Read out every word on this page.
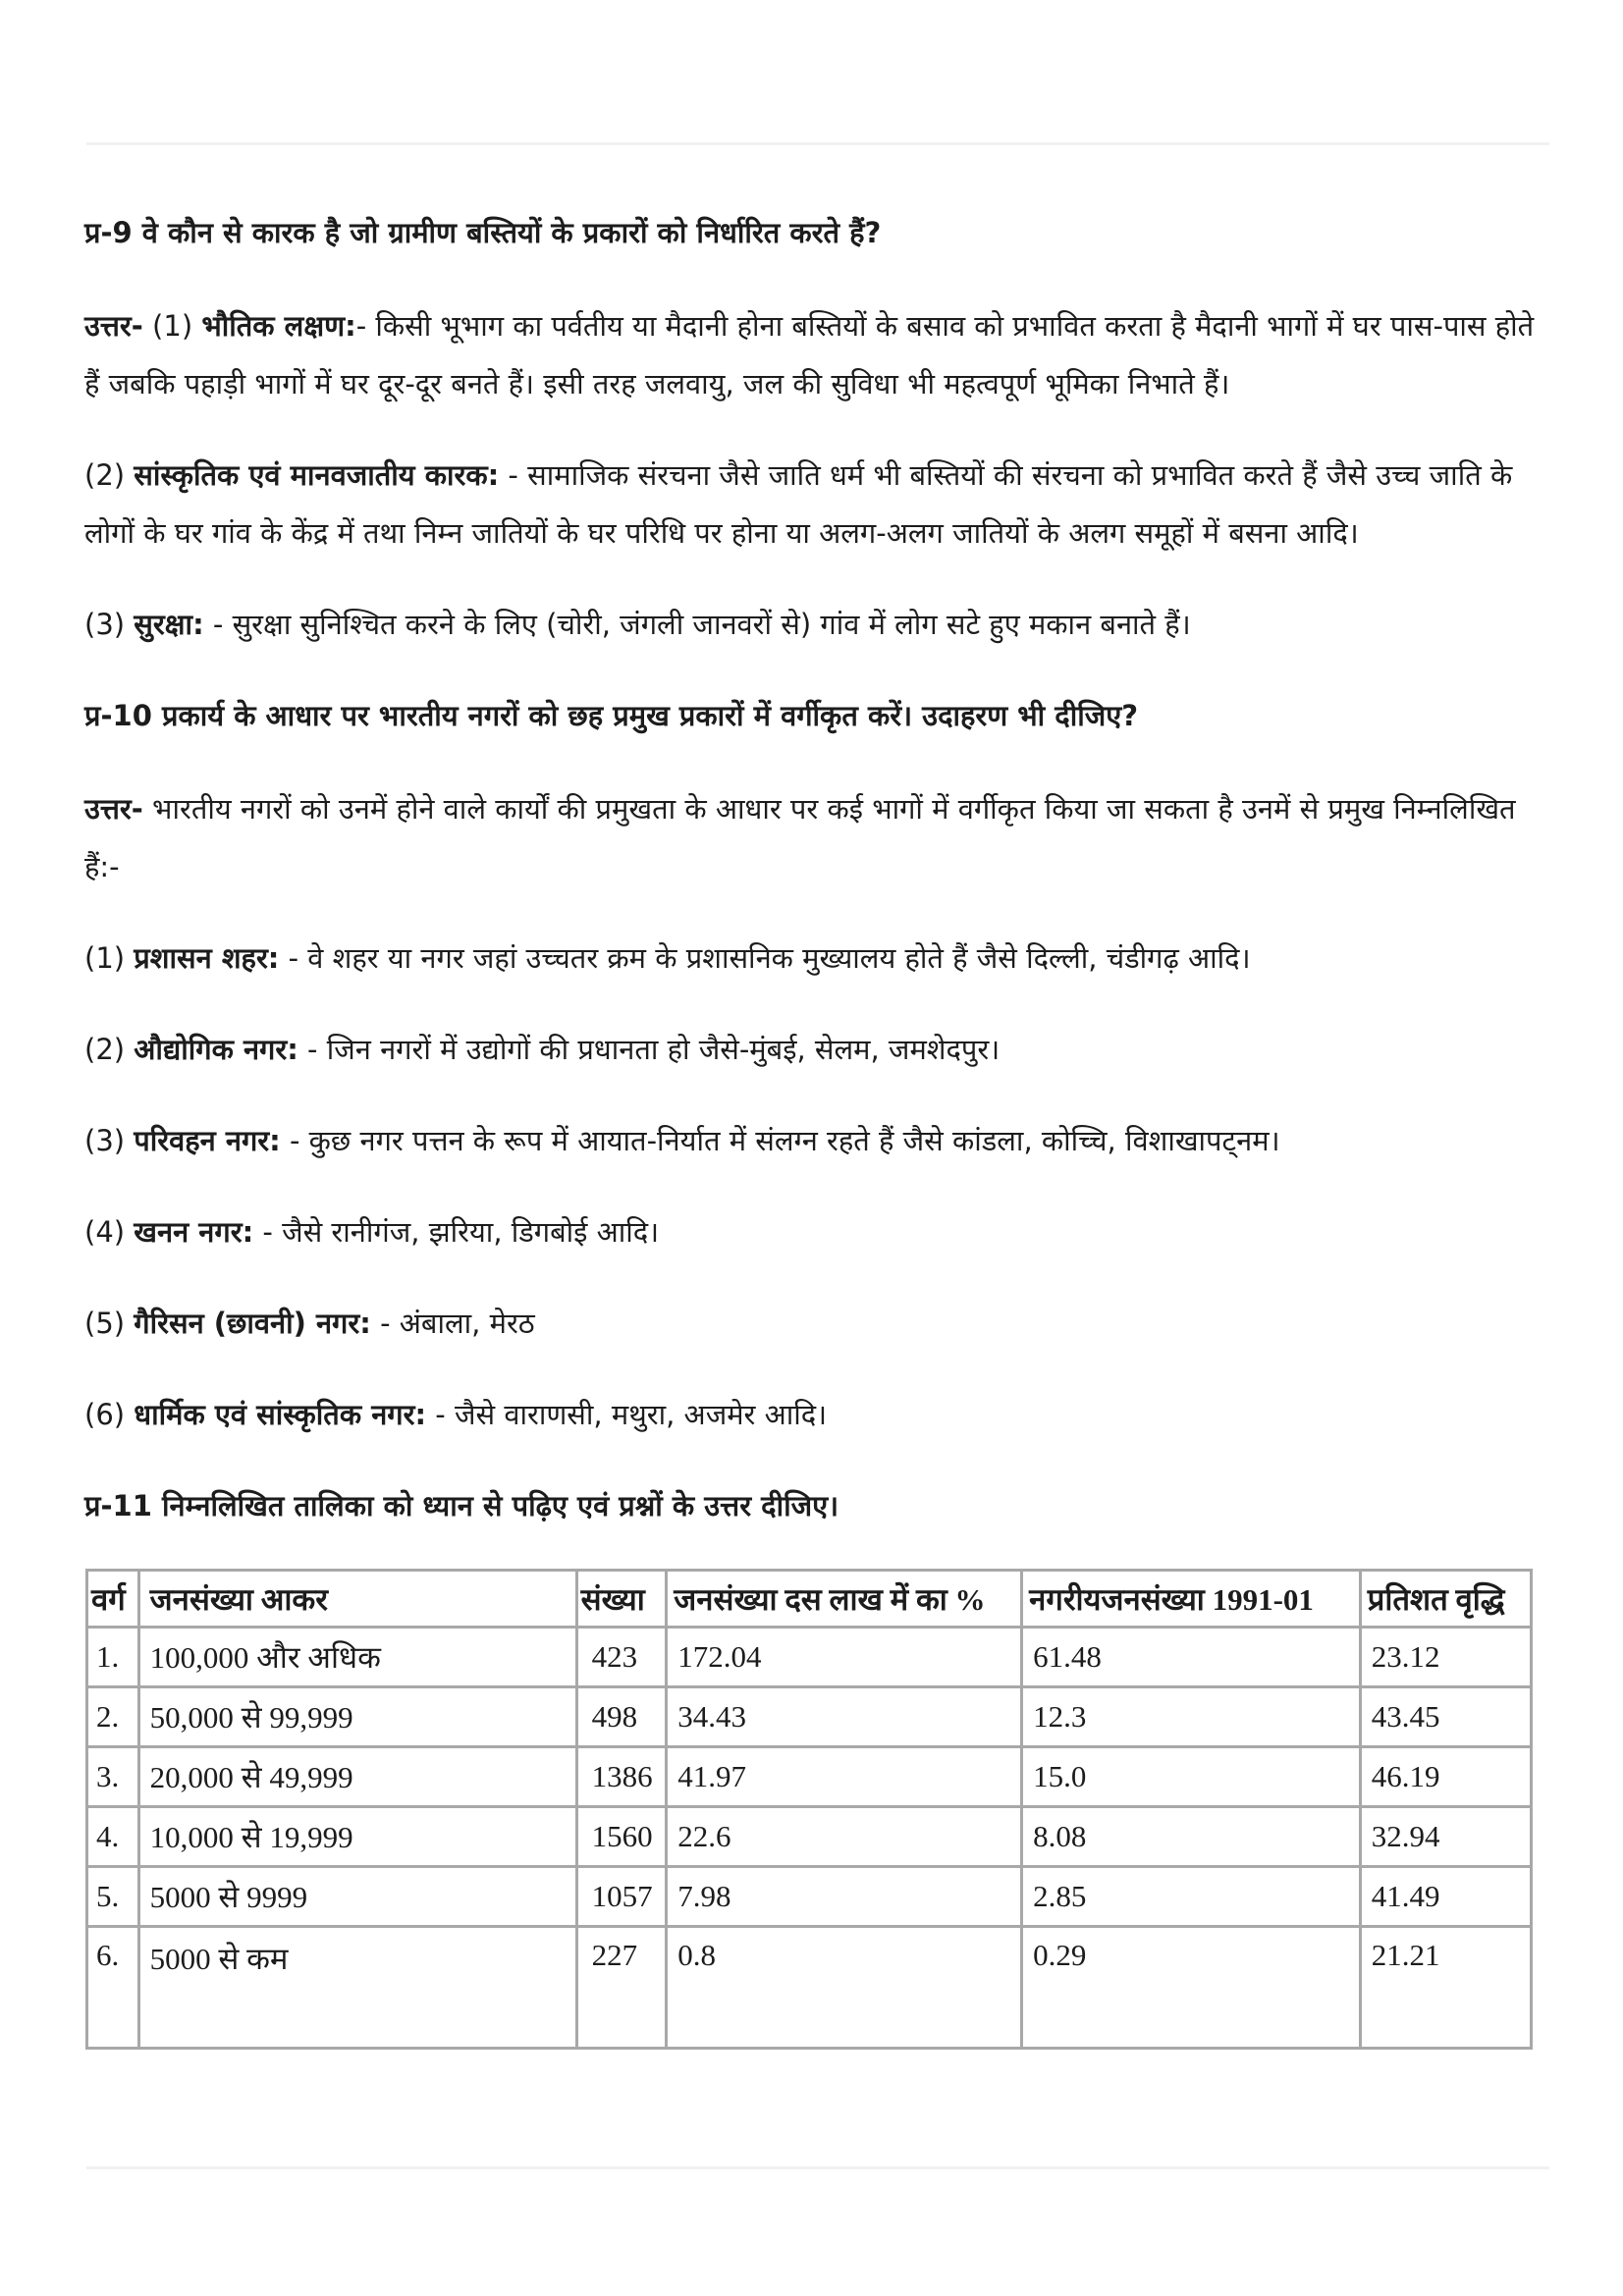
प्र-9 वे कौन से कारक है जो ग्रामीण बस्तियों के प्रकारों को निर्धारित करते हैं?

उत्तर- (1) भौतिक लक्षण:- किसी भूभाग का पर्वतीय या मैदानी होना बस्तियों के बसाव को प्रभावित करता है मैदानी भागों में घर पास-पास होते हैं जबकि पहाड़ी भागों में घर दूर-दूर बनते हैं। इसी तरह जलवायु, जल की सुविधा भी महत्वपूर्ण भूमिका निभाते हैं।

(2) सांस्कृतिक एवं मानवजातीय कारक: - सामाजिक संरचना जैसे जाति धर्म भी बस्तियों की संरचना को प्रभावित करते हैं जैसे उच्च जाति के लोगों के घर गांव के केंद्र में तथा निम्न जातियों के घर परिधि पर होना या अलग-अलग जातियों के अलग समूहों में बसना आदि।

(3) सुरक्षा: - सुरक्षा सुनिश्चित करने के लिए (चोरी, जंगली जानवरों से) गांव में लोग सटे हुए मकान बनाते हैं।

प्र-10 प्रकार्य के आधार पर भारतीय नगरों को छह प्रमुख प्रकारों में वर्गीकृत करें। उदाहरण भी दीजिए?

उत्तर- भारतीय नगरों को उनमें होने वाले कार्यों की प्रमुखता के आधार पर कई भागों में वर्गीकृत किया जा सकता है उनमें से प्रमुख निम्नलिखित हैं:-

(1) प्रशासन शहर: - वे शहर या नगर जहां उच्चतर क्रम के प्रशासनिक मुख्यालय होते हैं जैसे दिल्ली, चंडीगढ़ आदि।

(2) औद्योगिक नगर: - जिन नगरों में उद्योगों की प्रधानता हो जैसे-मुंबई, सेलम, जमशेदपुर।

(3) परिवहन नगर: - कुछ नगर पत्तन के रूप में आयात-निर्यात में संलग्न रहते हैं जैसे कांडला, कोच्चि, विशाखापट्नम।

(4) खनन नगर: - जैसे रानीगंज, झरिया, डिगबोई आदि।

(5) गैरिसन (छावनी) नगर: - अंबाला, मेरठ

(6) धार्मिक एवं सांस्कृतिक नगर: - जैसे वाराणसी, मथुरा, अजमेर आदि।

प्र-11 निम्नलिखित तालिका को ध्यान से पढ़िए एवं प्रश्नों के उत्तर दीजिए।

वर्ग	जनसंख्या आकर	संख्या	जनसंख्या दस लाख में का %	नगरीयजनसंख्या 1991-01	प्रतिशत वृद्धि
1.	100,000 और अधिक	423	172.04	61.48	23.12
2.	50,000 से 99,999	498	34.43	12.3	43.45
3.	20,000 से 49,999	1386	41.97	15.0	46.19
4.	10,000 से 19,999	1560	22.6	8.08	32.94
5.	5000 से 9999	1057	7.98	2.85	41.49
6.	5000 से कम	227	0.8	0.29	21.21
